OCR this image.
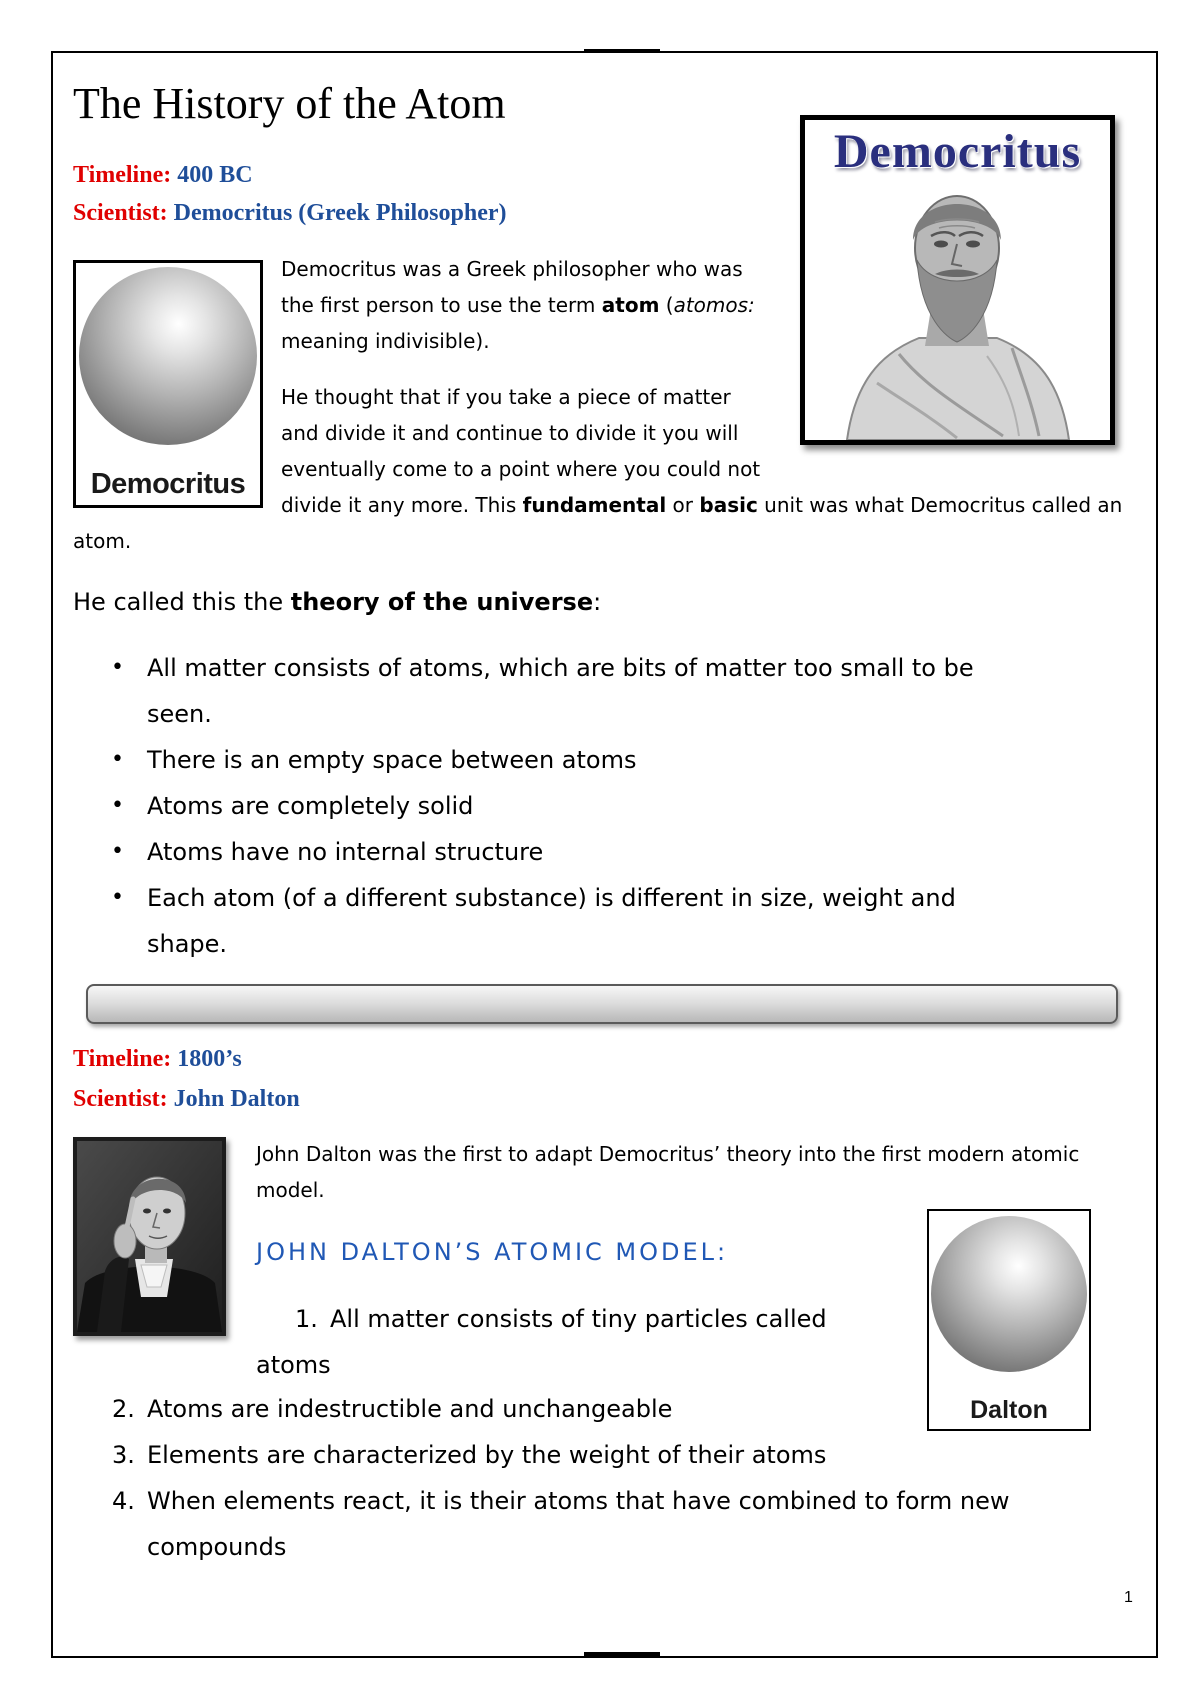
The History of the Atom
Timeline: 400 BC
Scientist: Democritus (Greek Philosopher)
Democritus
Democritus
Democritus was a Greek philosopher who was
the first person to use the term atom (atomos:
meaning indivisible).
He thought that if you take a piece of matter
and divide it and continue to divide it you will
eventually come to a point where you could not
divide it any more. This fundamental or basic unit was what Democritus called an
atom.
He called this the theory of the universe:
• All matter consists of atoms, which are bits of matter too small to be seen.
• There is an empty space between atoms
• Atoms are completely solid
• Atoms have no internal structure
• Each atom (of a different substance) is different in size, weight and shape.
Timeline: 1800’s
Scientist: John Dalton
John Dalton was the first to adapt Democritus’ theory into the first modern atomic model.
JOHN DALTON’S ATOMIC MODEL:
1. All matter consists of tiny particles called atoms
2. Atoms are indestructible and unchangeable
3. Elements are characterized by the weight of their atoms
4. When elements react, it is their atoms that have combined to form new compounds
Dalton
1
